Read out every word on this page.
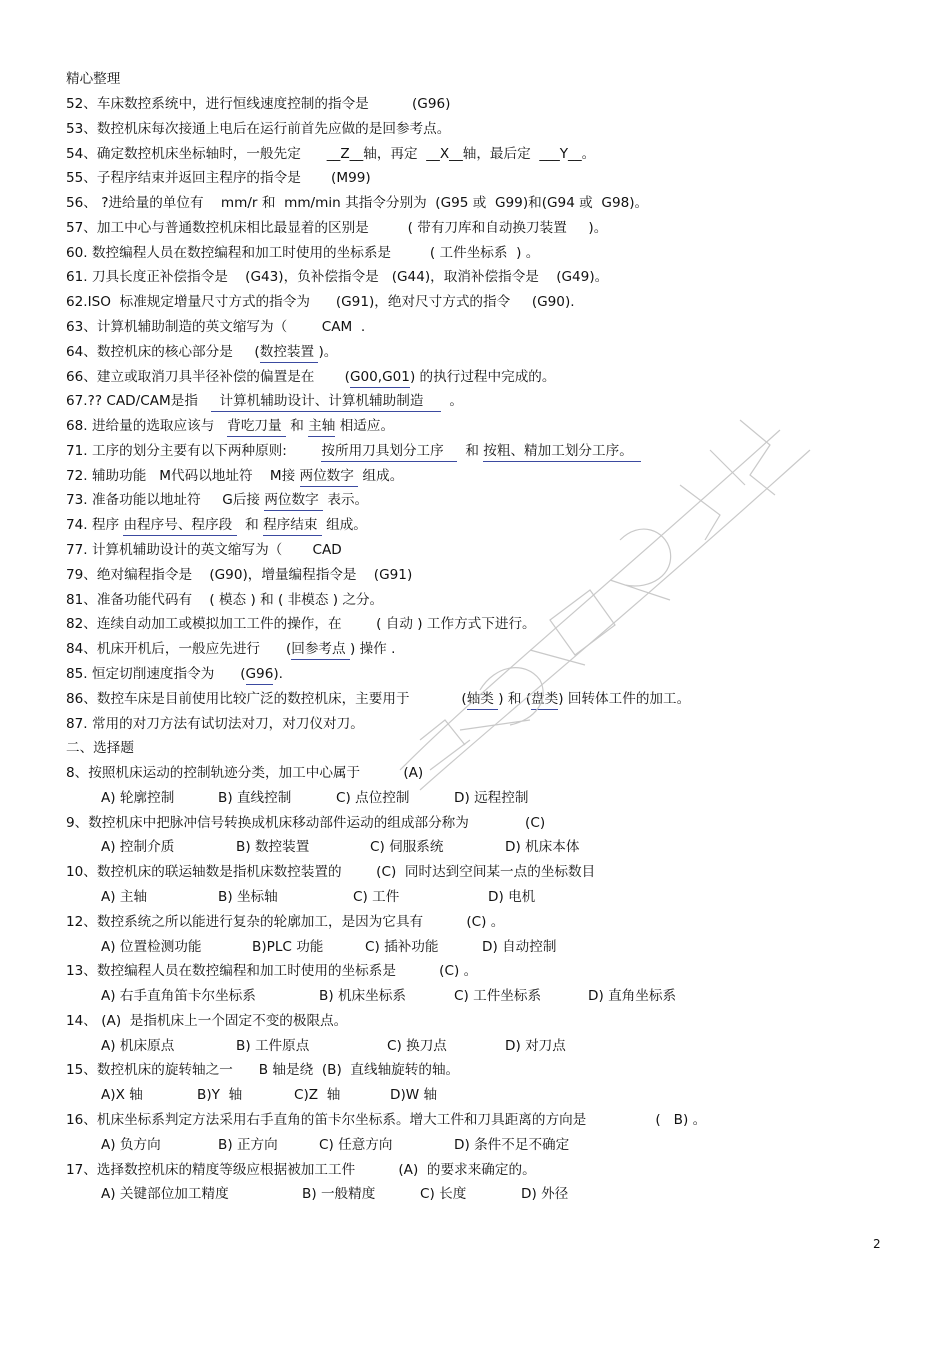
精心整理
52、车床数控系统中，进行恒线速度控制的指令是          (G96)
53、数控机床每次接通上电后在运行前首先应做的是回参考点。
54、确定数控机床坐标轴时，一般先定      __Z__轴，再定  __X__轴，最后定  ___Y__。
55、子程序结束并返回主程序的指令是       (M99)
56、 ?进给量的单位有    mm/r 和  mm/min 其指令分别为  (G95 或  G99)和(G94 或  G98)。
57、加工中心与普通数控机床相比最显着的区别是         ( 带有刀库和自动换刀装置     )。
60. 数控编程人员在数控编程和加工时使用的坐标系是         ( 工件坐标系  ) 。
61. 刀具长度正补偿指令是    (G43)，负补偿指令是   (G44)，取消补偿指令是    (G49)。
62.ISO  标准规定增量尺寸方式的指令为      (G91)，绝对尺寸方式的指令     (G90).
63、计算机辅助制造的英文缩写为（        CAM  .
64、数控机床的核心部分是     (数控装置 )。
66、建立或取消刀具半径补偿的偏置是在       (G00,G01) 的执行过程中完成的。
67.?? CAD/CAM是指     计算机辅助设计、计算机辅助制造      。
68. 进给量的选取应该与   背吃刀量  和 主轴 相适应。
71. 工序的划分主要有以下两种原则:        按所用刀具划分工序     和 按粗、精加工划分工序。
72. 辅助功能   M代码以地址符    M接 两位数字  组成。
73. 准备功能以地址符     G后接 两位数字  表示。
74. 程序 由程序号、程序段   和 程序结束  组成。
77. 计算机辅助设计的英文缩写为（       CAD
79、绝对编程指令是    (G90)，增量编程指令是    (G91)
81、准备功能代码有    ( 模态 ) 和 ( 非模态 ) 之分。
82、连续自动加工或模拟加工工件的操作，在        ( 自动 ) 工作方式下进行。
84、机床开机后，一般应先进行      (回参考点 ) 操作 .
85. 恒定切削速度指令为      (G96).
86、数控车床是目前使用比较广泛的数控机床，主要用于            (轴类 ) 和 (盘类) 回转体工件的加工。
87. 常用的对刀方法有试切法对刀，对刀仪对刀。
二、选择题
8、按照机床运动的控制轨迹分类，加工中心属于          (A)
A) 轮廓控制	B) 直线控制	C) 点位控制	D) 远程控制
9、数控机床中把脉冲信号转换成机床移动部件运动的组成部分称为             (C)
A) 控制介质	B) 数控装置	C) 伺服系统	D) 机床本体
10、数控机床的联运轴数是指机床数控装置的        (C)  同时达到空间某一点的坐标数目
A) 主轴	B) 坐标轴	C) 工件	D) 电机
12、数控系统之所以能进行复杂的轮廓加工，是因为它具有          (C) 。
A) 位置检测功能	B)PLC 功能	C) 插补功能	D) 自动控制
13、数控编程人员在数控编程和加工时使用的坐标系是          (C) 。
A) 右手直角笛卡尔坐标系	B) 机床坐标系	C) 工件坐标系	D) 直角坐标系
14、 (A)  是指机床上一个固定不变的极限点。
A) 机床原点	B) 工件原点	C) 换刀点	D) 对刀点
15、数控机床的旋转轴之一      B 轴是绕  (B)  直线轴旋转的轴。
A)X 轴	B)Y  轴	C)Z  轴	D)W 轴
16、机床坐标系判定方法采用右手直角的笛卡尔坐标系。增大工件和刀具距离的方向是                (   B) 。
A) 负方向	B) 正方向	C) 任意方向	D) 条件不足不确定
17、选择数控机床的精度等级应根据被加工工件          (A)  的要求来确定的。
A) 关键部位加工精度	B) 一般精度	C) 长度	D) 外径
2
